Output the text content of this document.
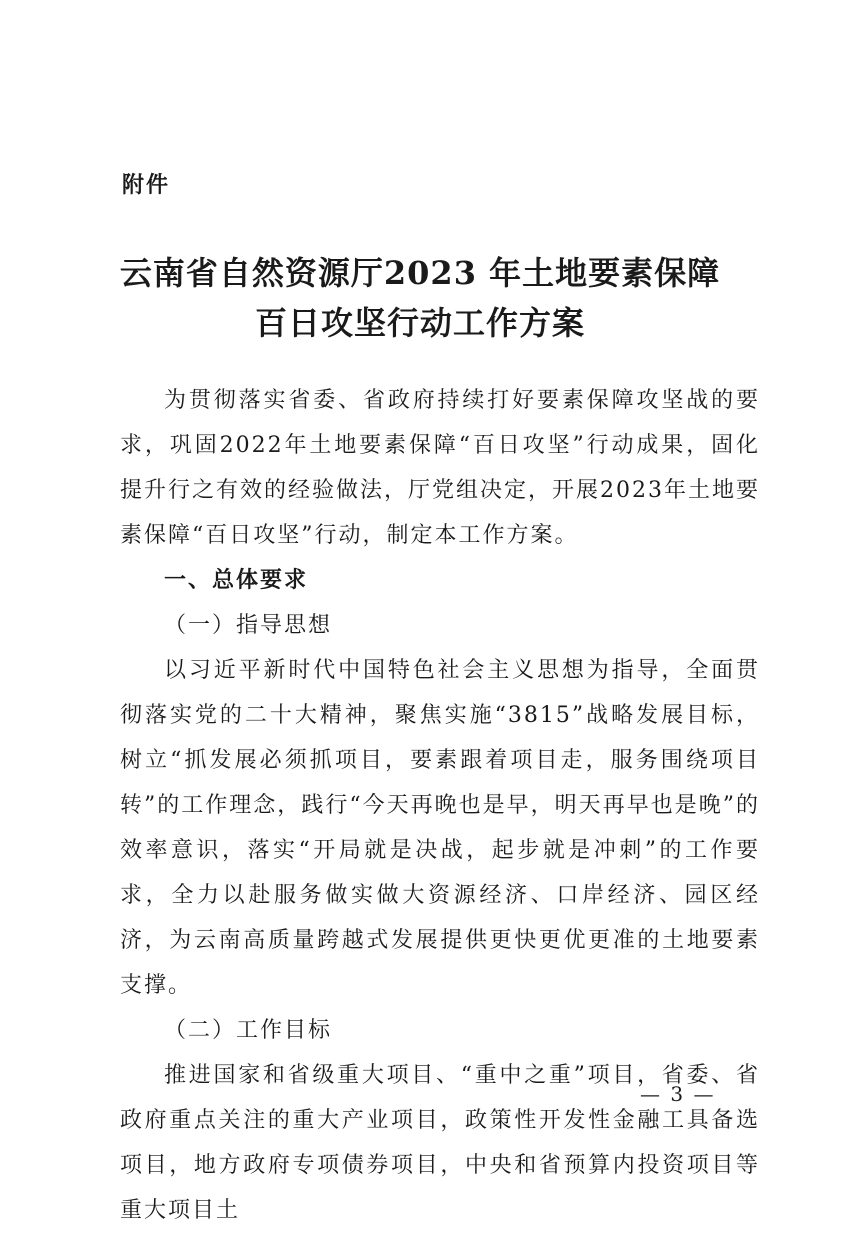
附件
云南省自然资源厅2023 年土地要素保障
百日攻坚行动工作方案

为贯彻落实省委、省政府持续打好要素保障攻坚战的要求，巩固2022年土地要素保障“百日攻坚”行动成果，固化提升行之有效的经验做法，厅党组决定，开展2023年土地要素保障“百日攻坚”行动，制定本工作方案。

一、总体要求

（一）指导思想

以习近平新时代中国特色社会主义思想为指导，全面贯彻落实党的二十大精神，聚焦实施“3815”战略发展目标，树立“抓发展必须抓项目，要素跟着项目走，服务围绕项目转”的工作理念，践行“今天再晚也是早，明天再早也是晚”的效率意识，落实“开局就是决战，起步就是冲刺”的工作要求，全力以赴服务做实做大资源经济、口岸经济、园区经济，为云南高质量跨越式发展提供更快更优更准的土地要素支撑。

（二）工作目标

推进国家和省级重大项目、“重中之重”项目，省委、省政府重点关注的重大产业项目，政策性开发性金融工具备选项目，地方政府专项债券项目，中央和省预算内投资项目等重大项目土

— 3 —
